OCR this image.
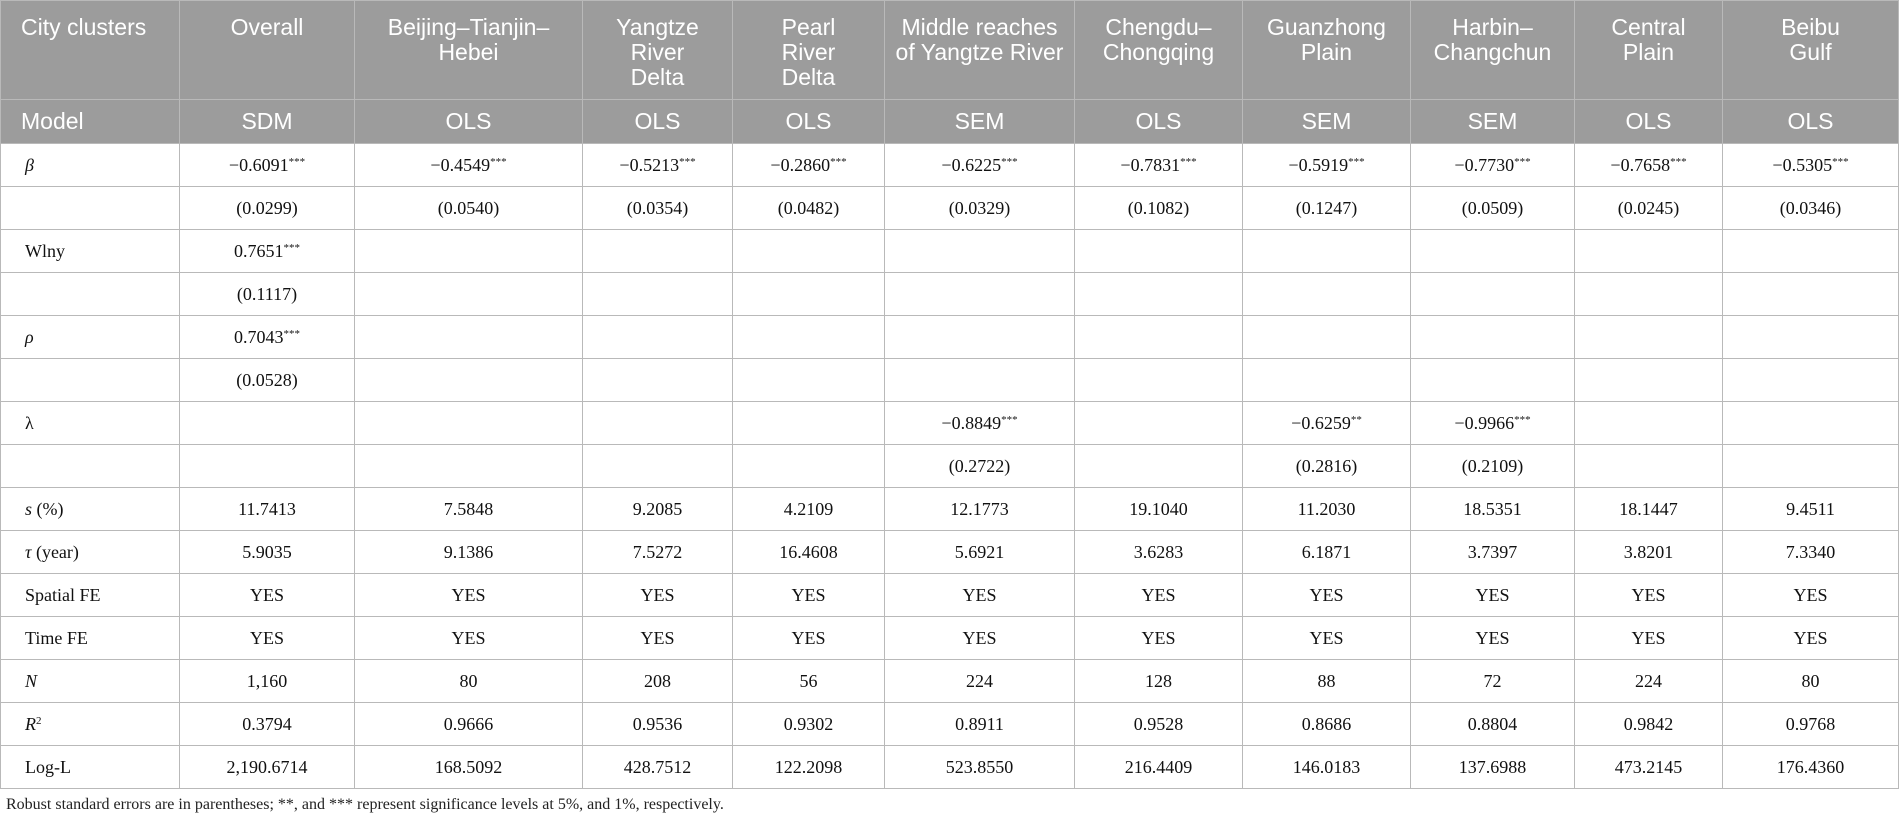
City clusters	Overall	Beijing–Tianjin–Hebei	Yangtze River Delta	Pearl River Delta	Middle reaches of Yangtze River	Chengdu–Chongqing	Guanzhong Plain	Harbin–Changchun	Central Plain	Beibu Gulf
Model	SDM	OLS	OLS	OLS	SEM	OLS	SEM	SEM	OLS	OLS
β	−0.6091***	−0.4549***	−0.5213***	−0.2860***	−0.6225***	−0.7831***	−0.5919***	−0.7730***	−0.7658***	−0.5305***
	(0.0299)	(0.0540)	(0.0354)	(0.0482)	(0.0329)	(0.1082)	(0.1247)	(0.0509)	(0.0245)	(0.0346)
Wlny	0.7651***									
	(0.1117)									
ρ	0.7043***									
	(0.0528)									
λ					−0.8849***		−0.6259**	−0.9966***		
					(0.2722)		(0.2816)	(0.2109)		
s (%)	11.7413	7.5848	9.2085	4.2109	12.1773	19.1040	11.2030	18.5351	18.1447	9.4511
τ (year)	5.9035	9.1386	7.5272	16.4608	5.6921	3.6283	6.1871	3.7397	3.8201	7.3340
Spatial FE	YES	YES	YES	YES	YES	YES	YES	YES	YES	YES
Time FE	YES	YES	YES	YES	YES	YES	YES	YES	YES	YES
N	1,160	80	208	56	224	128	88	72	224	80
$R^2$	0.3794	0.9666	0.9536	0.9302	0.8911	0.9528	0.8686	0.8804	0.9842	0.9768
Log-L	2,190.6714	168.5092	428.7512	122.2098	523.8550	216.4409	146.0183	137.6988	473.2145	176.4360
Robust standard errors are in parentheses; **, and *** represent significance levels at 5%, and 1%, respectively.
